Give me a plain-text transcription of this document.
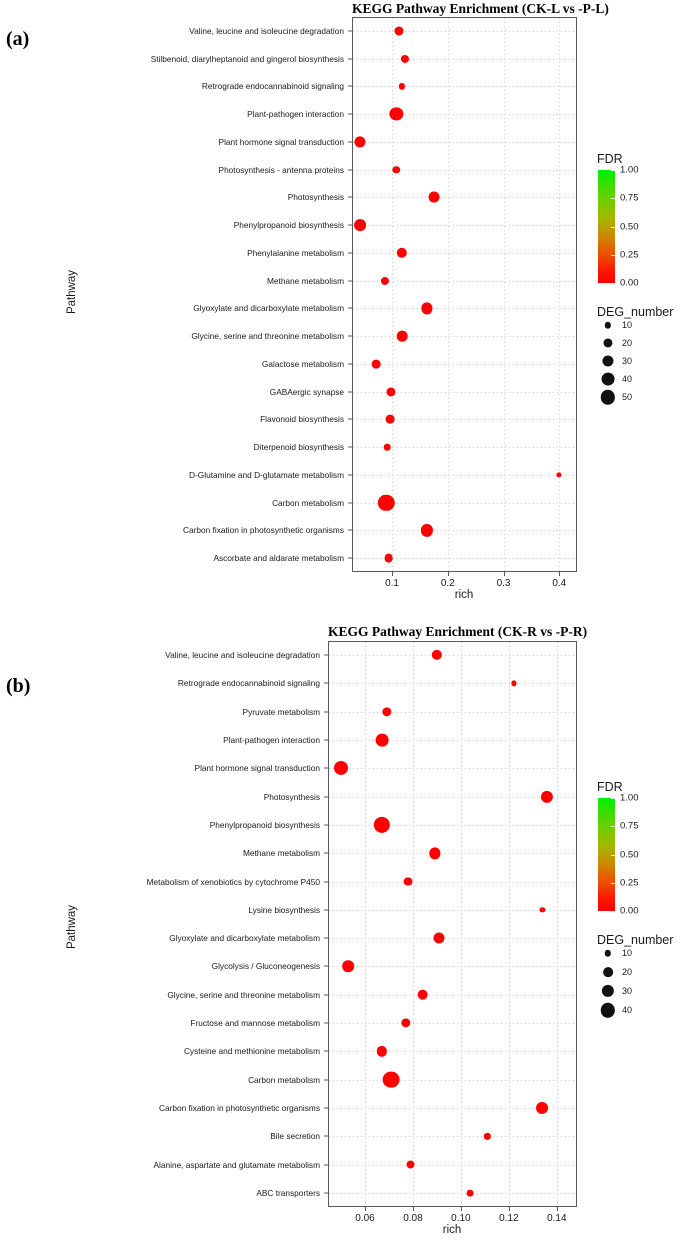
(a)
KEGG Pathway Enrichment (CK-L vs -P-L)
Valine, leucine and isoleucine degradation
Stilbenoid, diarylheptanoid and gingerol biosynthesis
Retrograde endocannabinoid signaling
Plant-pathogen interaction
Plant hormone signal transduction
Photosynthesis - antenna proteins
Photosynthesis
Phenylpropanoid biosynthesis
Phenylalanine metabolism
Methane metabolism
Glyoxylate and dicarboxylate metabolism
Glycine, serine and threonine metabolism
Galactose metabolism
GABAergic synapse
Flavonoid biosynthesis
Diterpenoid biosynthesis
D-Glutamine and D-glutamate metabolism
Carbon metabolism
Carbon fixation in photosynthetic organisms
Ascorbate and aldarate metabolism
0.1	0.2	0.3	0.4
rich
Pathway
FDR
1.00
0.75
0.50
0.25
0.00
DEG_number
10
20
30
40
50
(b)
KEGG Pathway Enrichment (CK-R vs -P-R)
Valine, leucine and isoleucine degradation
Retrograde endocannabinoid signaling
Pyruvate metabolism
Plant-pathogen interaction
Plant hormone signal transduction
Photosynthesis
Phenylpropanoid biosynthesis
Methane metabolism
Metabolism of xenobiotics by cytochrome P450
Lysine biosynthesis
Glyoxylate and dicarboxylate metabolism
Glycolysis / Gluconeogenesis
Glycine, serine and threonine metabolism
Fructose and mannose metabolism
Cysteine and methionine metabolism
Carbon metabolism
Carbon fixation in photosynthetic organisms
Bile secretion
Alanine, aspartate and glutamate metabolism
ABC transporters
0.06	0.08	0.10	0.12	0.14
rich
Pathway
FDR
1.00
0.75
0.50
0.25
0.00
DEG_number
10
20
30
40
